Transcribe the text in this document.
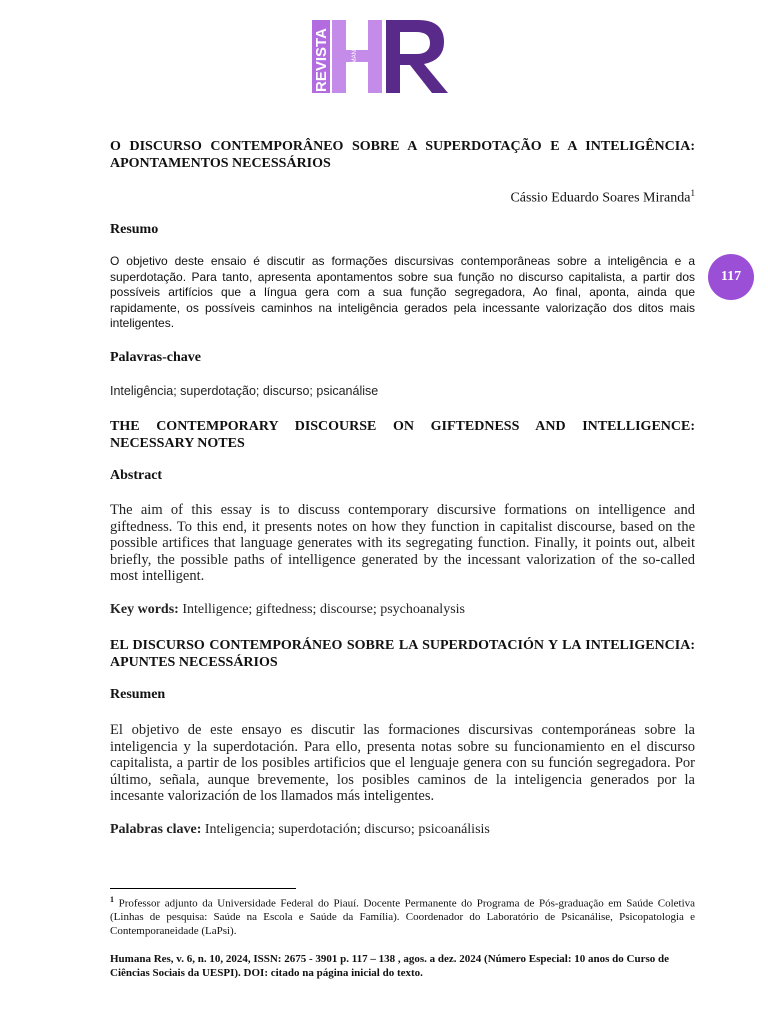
REVISTA	HUMANA
ES
117

O DISCURSO CONTEMPORÂNEO SOBRE A SUPERDOTAÇÃO E A INTELIGÊNCIA: APONTAMENTOS NECESSÁRIOS

Cássio Eduardo Soares Miranda$^1$

Resumo

O objetivo deste ensaio é discutir as formações discursivas contemporâneas sobre a inteligência e a superdotação. Para tanto, apresenta apontamentos sobre sua função no discurso capitalista, a partir dos possíveis artifícios que a língua gera com a sua função segregadora, Ao final, aponta, ainda que rapidamente, os possíveis caminhos na inteligência gerados pela incessante valorização dos ditos mais inteligentes.

Palavras-chave

Inteligência; superdotação; discurso; psicanálise

THE CONTEMPORARY DISCOURSE ON GIFTEDNESS AND INTELLIGENCE: NECESSARY NOTES

Abstract

The aim of this essay is to discuss contemporary discursive formations on intelligence and giftedness. To this end, it presents notes on how they function in capitalist discourse, based on the possible artifices that language generates with its segregating function. Finally, it points out, albeit briefly, the possible paths of intelligence generated by the incessant valorization of the so-called most intelligent.

Key words: Intelligence; giftedness; discourse; psychoanalysis

EL DISCURSO CONTEMPORÁNEO SOBRE LA SUPERDOTACIÓN Y LA INTELIGENCIA: APUNTES NECESSÁRIOS

Resumen

El objetivo de este ensayo es discutir las formaciones discursivas contemporáneas sobre la inteligencia y la superdotación. Para ello, presenta notas sobre su funcionamiento en el discurso capitalista, a partir de los posibles artificios que el lenguaje genera con su función segregadora. Por último, señala, aunque brevemente, los posibles caminos de la inteligencia generados por la incesante valorización de los llamados más inteligentes.

Palabras clave: Inteligencia; superdotación; discurso; psicoanálisis

$^1$ Professor adjunto da Universidade Federal do Piauí. Docente Permanente do Programa de Pós-graduação em Saúde Coletiva (Linhas de pesquisa: Saúde na Escola e Saúde da Família). Coordenador do Laboratório de Psicanálise, Psicopatologia e Contemporaneidade (LaPsi).
Humana Res, v. 6, n. 10, 2024, ISSN: 2675 - 3901 p. 117 – 138 , agos. a dez. 2024 (Número Especial: 10 anos do Curso de Ciências Sociais da UESPI). DOI: citado na página inicial do texto.
